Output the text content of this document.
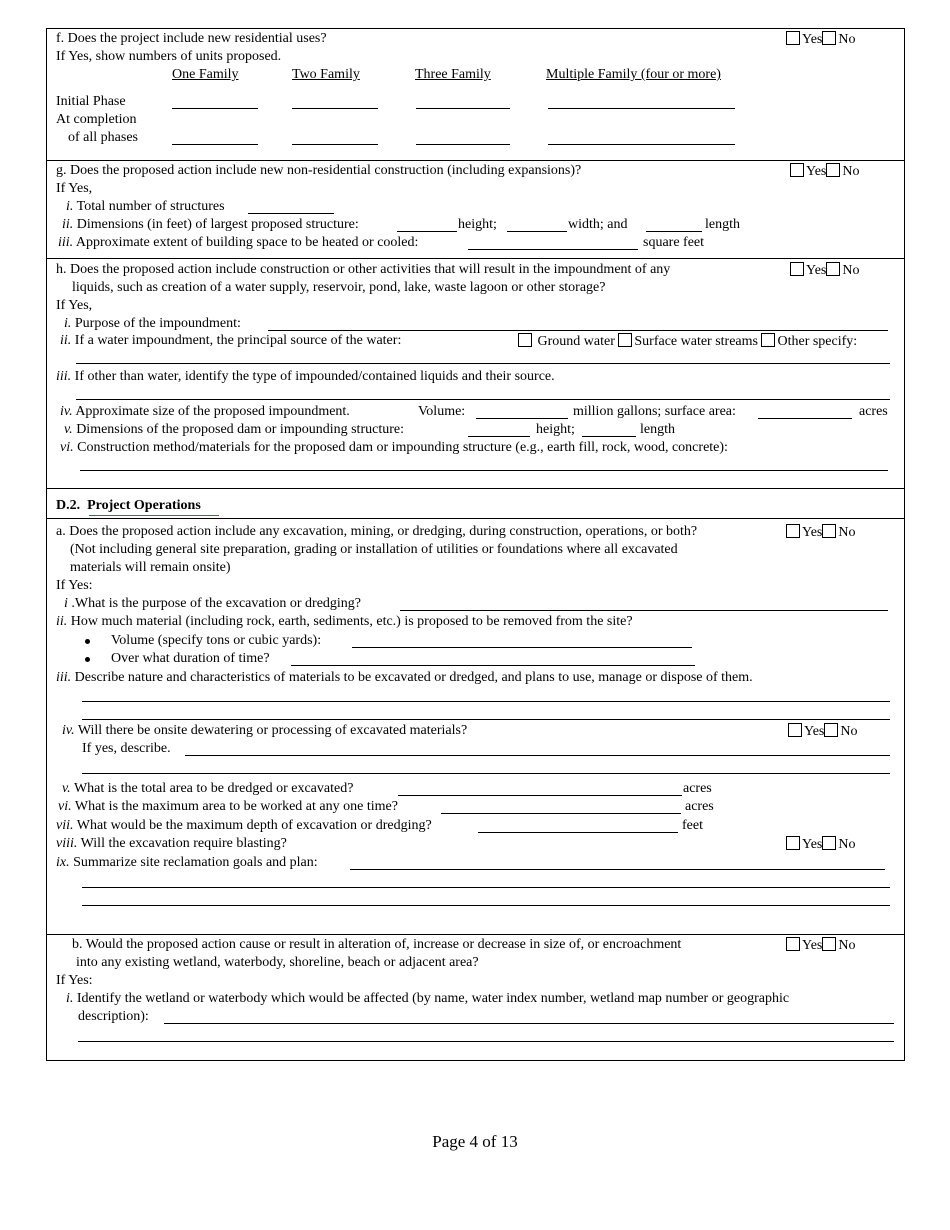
f. Does the project include new residential uses?	Yes No
If Yes, show numbers of units proposed.
One Family	Two Family	Three Family	Multiple Family (four or more)
Initial Phase
At completion
of all phases
g. Does the proposed action include new non-residential construction (including expansions)?	Yes No
If Yes,
i. Total number of structures
ii. Dimensions (in feet) of largest proposed structure:	height;	width; and	length
iii. Approximate extent of building space to be heated or cooled:	square feet
h. Does the proposed action include construction or other activities that will result in the impoundment of any	Yes No
liquids, such as creation of a water supply, reservoir, pond, lake, waste lagoon or other storage?
If Yes,
i. Purpose of the impoundment:
ii. If a water impoundment, the principal source of the water:	Ground water Surface water streams Other specify:
iii. If other than water, identify the type of impounded/contained liquids and their source.
iv. Approximate size of the proposed impoundment.	Volume:	million gallons; surface area:	acres
v. Dimensions of the proposed dam or impounding structure:	height;	length
vi. Construction method/materials for the proposed dam or impounding structure (e.g., earth fill, rock, wood, concrete):
D.2. Project Operations
a. Does the proposed action include any excavation, mining, or dredging, during construction, operations, or both?	Yes No
(Not including general site preparation, grading or installation of utilities or foundations where all excavated
materials will remain onsite)
If Yes:
i .What is the purpose of the excavation or dredging?
ii. How much material (including rock, earth, sediments, etc.) is proposed to be removed from the site?
Volume (specify tons or cubic yards):
Over what duration of time?
iii. Describe nature and characteristics of materials to be excavated or dredged, and plans to use, manage or dispose of them.
iv. Will there be onsite dewatering or processing of excavated materials?	Yes No
If yes, describe.
v. What is the total area to be dredged or excavated?	acres
vi. What is the maximum area to be worked at any one time?	acres
vii. What would be the maximum depth of excavation or dredging?	feet
viii. Will the excavation require blasting?	Yes No
ix. Summarize site reclamation goals and plan:
b. Would the proposed action cause or result in alteration of, increase or decrease in size of, or encroachment	Yes No
into any existing wetland, waterbody, shoreline, beach or adjacent area?
If Yes:
i. Identify the wetland or waterbody which would be affected (by name, water index number, wetland map number or geographic
description):
Page 4 of 13
